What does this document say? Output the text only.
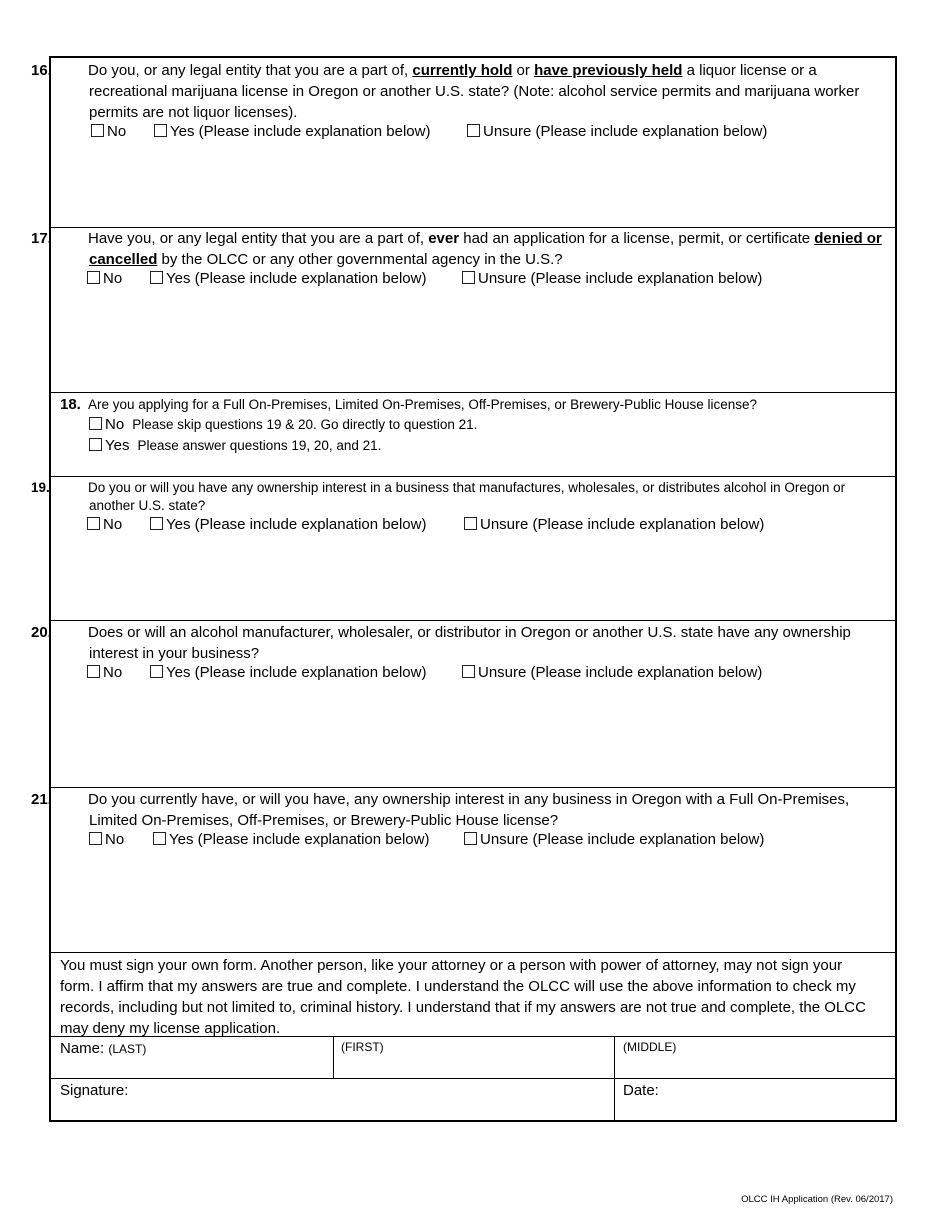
16. Do you, or any legal entity that you are a part of, currently hold or have previously held a liquor license or a recreational marijuana license in Oregon or another U.S. state? (Note: alcohol service permits and marijuana worker permits are not liquor licenses).
No	Yes (Please include explanation below)	Unsure (Please include explanation below)
17. Have you, or any legal entity that you are a part of, ever had an application for a license, permit, or certificate denied or cancelled by the OLCC or any other governmental agency in the U.S.?
No	Yes (Please include explanation below)	Unsure (Please include explanation below)
18. Are you applying for a Full On-Premises, Limited On-Premises, Off-Premises, or Brewery-Public House license?
No Please skip questions 19 & 20. Go directly to question 21.
Yes Please answer questions 19, 20, and 21.
19.	Do you or will you have any ownership interest in a business that manufactures, wholesales, or distributes alcohol in Oregon or another U.S. state?
No	Yes (Please include explanation below)	Unsure (Please include explanation below)
20. Does or will an alcohol manufacturer, wholesaler, or distributor in Oregon or another U.S. state have any ownership interest in your business?
No	Yes (Please include explanation below)	Unsure (Please include explanation below)
21. Do you currently have, or will you have, any ownership interest in any business in Oregon with a Full On-Premises, Limited On-Premises, Off-Premises, or Brewery-Public House license?
No	Yes (Please include explanation below)	Unsure (Please include explanation below)
You must sign your own form. Another person, like your attorney or a person with power of attorney, may not sign your form. I affirm that my answers are true and complete. I understand the OLCC will use the above information to check my records, including but not limited to, criminal history. I understand that if my answers are not true and complete, the OLCC may deny my license application.
Name: (LAST)	(FIRST)	(MIDDLE)
Signature:	Date:
OLCC IH Application (Rev. 06/2017)
